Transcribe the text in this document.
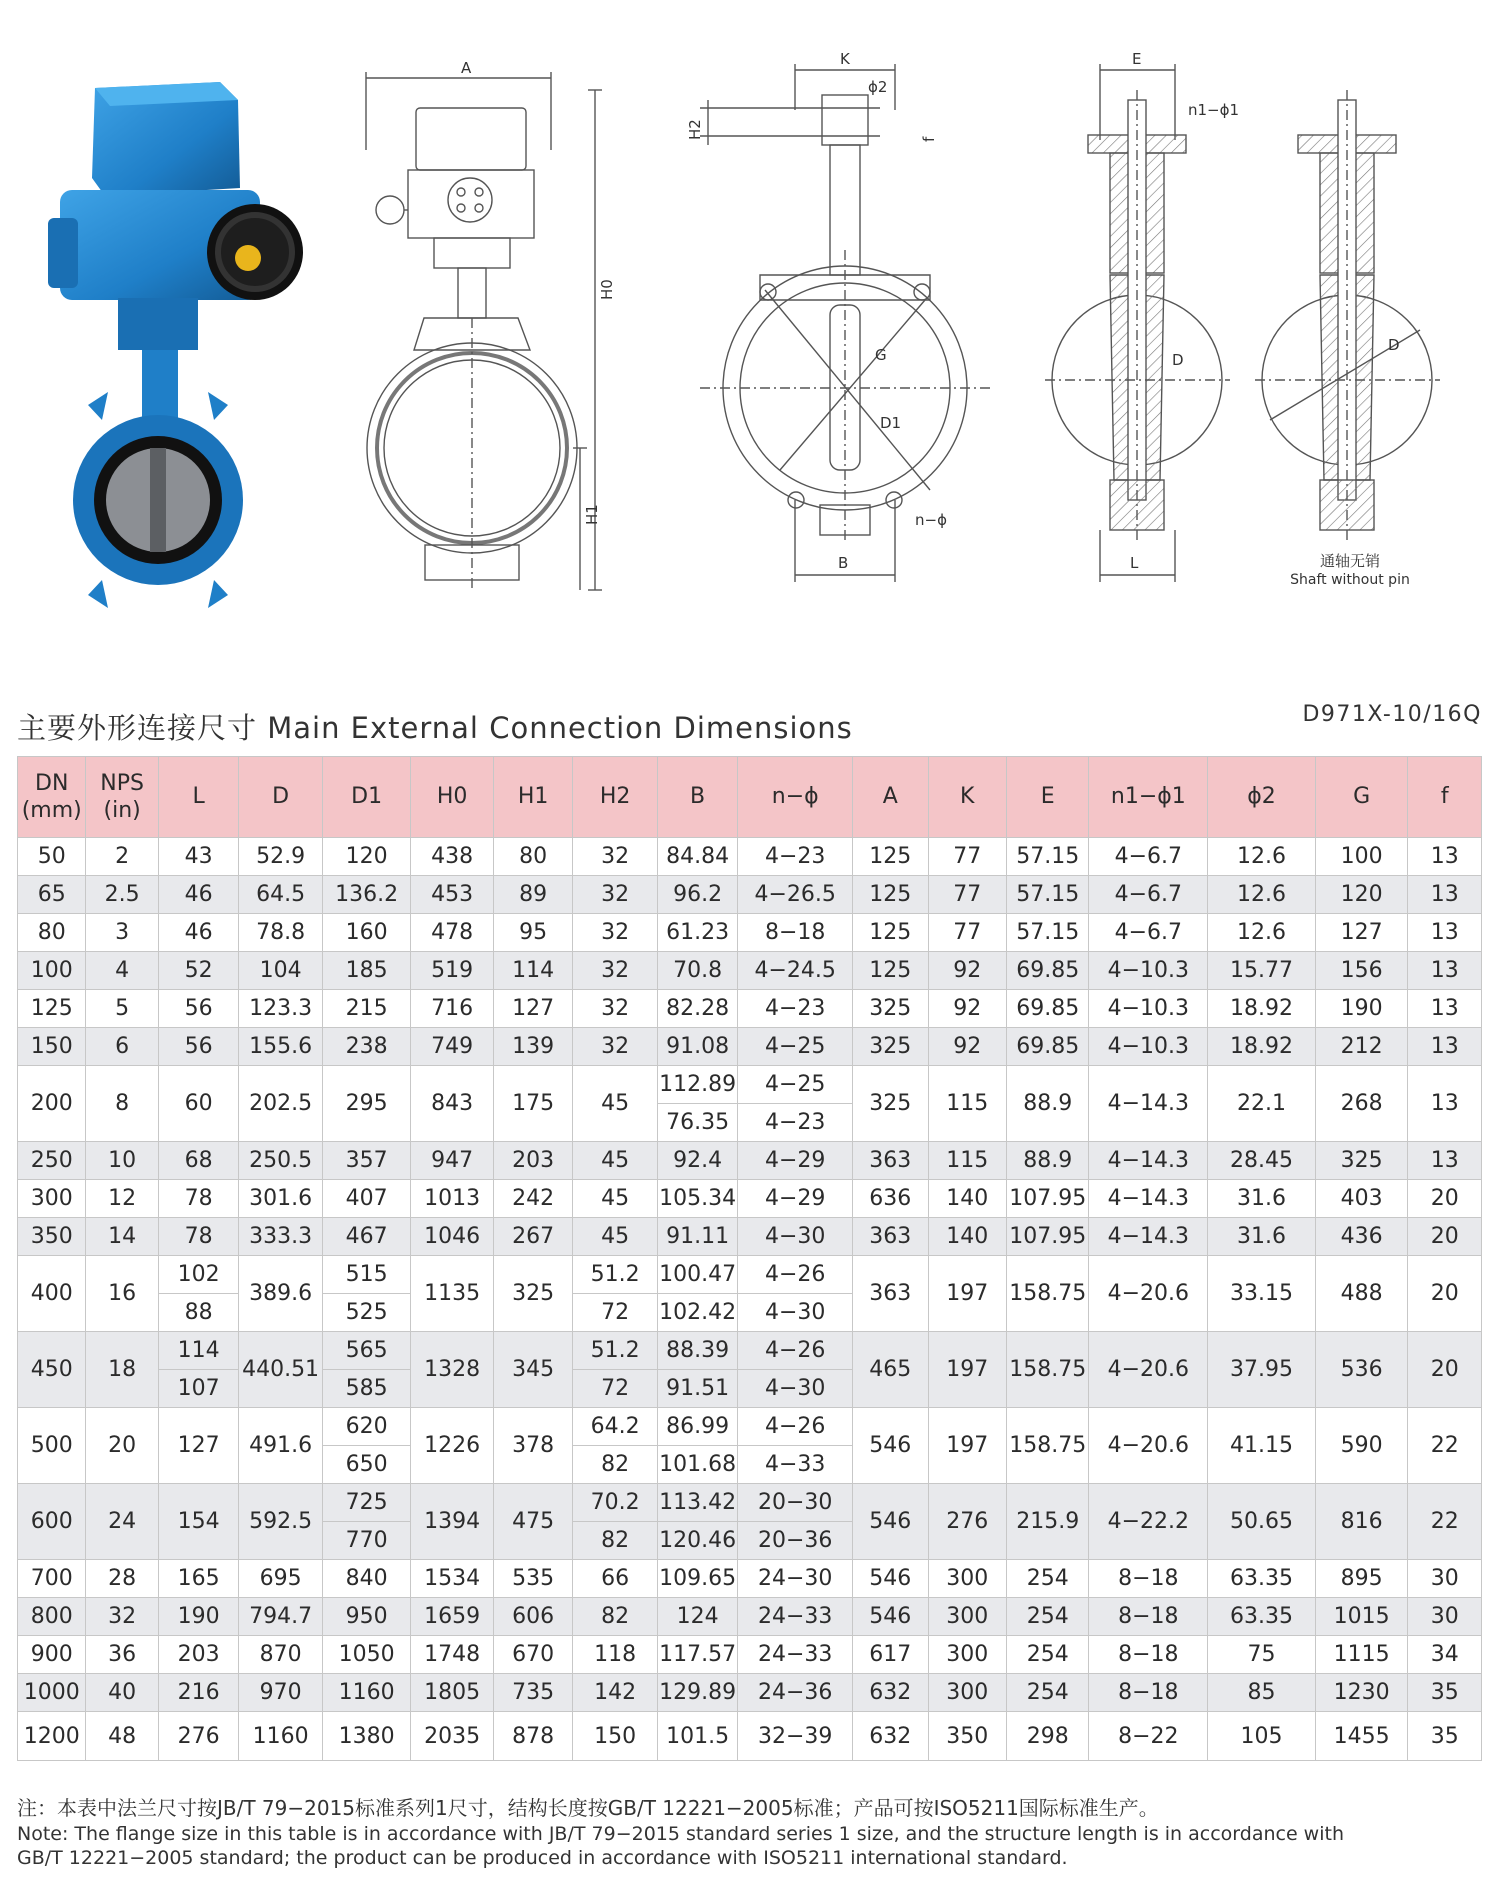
A
H0
H1
K
ϕ2
H2	f
G
D1
n−ϕ
B
E
n1−ϕ1
D
L
D
通轴无销
Shaft without pin
主要外形连接尺寸 Main External Connection Dimensions	D971X-10/16Q
DN (mm)	NPS (in)	L	D	D1	H0	H1	H2	B	n−ϕ	A	K	E	n1−ϕ1	ϕ2	G	f
50	2	43	52.9	120	438	80	32	84.84	4−23	125	77	57.15	4−6.7	12.6	100	13
65	2.5	46	64.5	136.2	453	89	32	96.2	4−26.5	125	77	57.15	4−6.7	12.6	120	13
80	3	46	78.8	160	478	95	32	61.23	8−18	125	77	57.15	4−6.7	12.6	127	13
100	4	52	104	185	519	114	32	70.8	4−24.5	125	92	69.85	4−10.3	15.77	156	13
125	5	56	123.3	215	716	127	32	82.28	4−23	325	92	69.85	4−10.3	18.92	190	13
150	6	56	155.6	238	749	139	32	91.08	4−25	325	92	69.85	4−10.3	18.92	212	13
200	8	60	202.5	295	843	175	45	112.89	4−25	325	115	88.9	4−14.3	22.1	268	13
								76.35	4−23							
250	10	68	250.5	357	947	203	45	92.4	4−29	363	115	88.9	4−14.3	28.45	325	13
300	12	78	301.6	407	1013	242	45	105.34	4−29	636	140	107.95	4−14.3	31.6	403	20
350	14	78	333.3	467	1046	267	45	91.11	4−30	363	140	107.95	4−14.3	31.6	436	20
400	16	102	389.6	515	1135	325	51.2	100.47	4−26	363	197	158.75	4−20.6	33.15	488	20
		88		525			72	102.42	4−30							
450	18	114	440.51	565	1328	345	51.2	88.39	4−26	465	197	158.75	4−20.6	37.95	536	20
		107		585			72	91.51	4−30							
500	20	127	491.6	620	1226	378	64.2	86.99	4−26	546	197	158.75	4−20.6	41.15	590	22
				650			82	101.68	4−33							
600	24	154	592.5	725	1394	475	70.2	113.42	20−30	546	276	215.9	4−22.2	50.65	816	22
				770			82	120.46	20−36							
700	28	165	695	840	1534	535	66	109.65	24−30	546	300	254	8−18	63.35	895	30
800	32	190	794.7	950	1659	606	82	124	24−33	546	300	254	8−18	63.35	1015	30
900	36	203	870	1050	1748	670	118	117.57	24−33	617	300	254	8−18	75	1115	34
1000	40	216	970	1160	1805	735	142	129.89	24−36	632	300	254	8−18	85	1230	35
1200	48	276	1160	1380	2035	878	150	101.5	32−39	632	350	298	8−22	105	1455	35
注：本表中法兰尺寸按JB/T 79−2015标准系列1尺寸，结构长度按GB/T 12221−2005标准；产品可按ISO5211国际标准生产。
Note: The flange size in this table is in accordance with JB/T 79−2015 standard series 1 size, and the structure length is in accordance with
GB/T 12221−2005 standard; the product can be produced in accordance with ISO5211 international standard.
